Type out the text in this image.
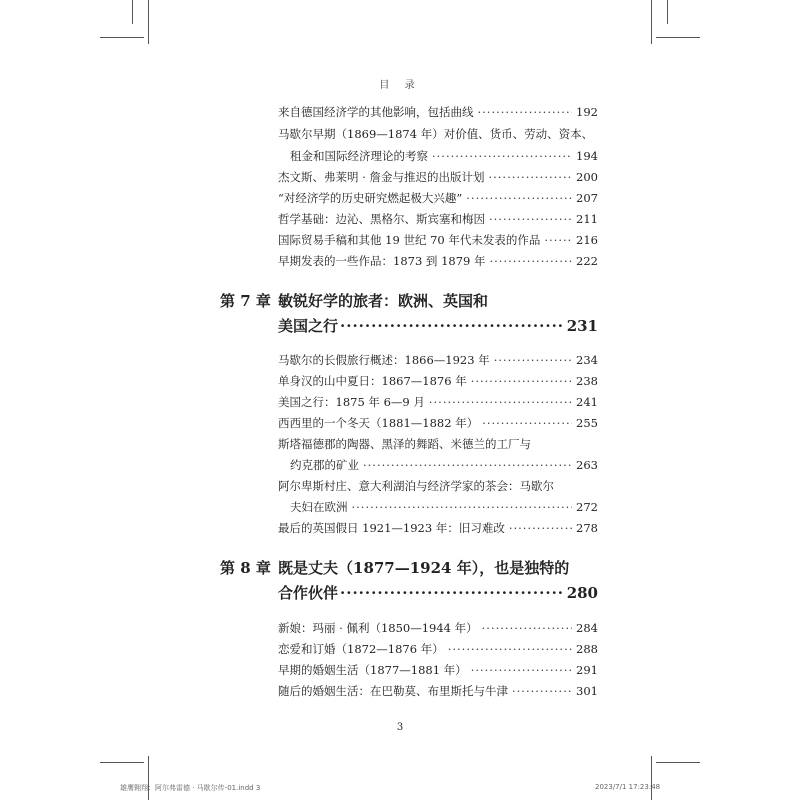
目 录
来自德国经济学的其他影响，包括曲线 ·····	192
马歇尔早期（1869—1874 年）对价值、货币、劳动、资本、
租金和国际经济理论的考察 ·····	194
杰文斯、弗莱明 · 詹金与推迟的出版计划 ·····	200
“对经济学的历史研究燃起极大兴趣” ·····	207
哲学基础：边沁、黑格尔、斯宾塞和梅因 ·····	211
国际贸易手稿和其他 19 世纪 70 年代未发表的作品 ·····	216
早期发表的一些作品：1873 到 1879 年 ·····	222
第 7 章 敏锐好学的旅者：欧洲、英国和
美国之行 ·····	231
马歇尔的长假旅行概述：1866—1923 年 ·····	234
单身汉的山中夏日：1867—1876 年 ·····	238
美国之行：1875 年 6—9 月 ·····	241
西西里的一个冬天（1881—1882 年） ·····	255
斯塔福德郡的陶器、黑泽的舞蹈、米德兰的工厂与
约克郡的矿业 ·····	263
阿尔卑斯村庄、意大利湖泊与经济学家的茶会：马歇尔
夫妇在欧洲 ·····	272
最后的英国假日 1921—1923 年：旧习难改 ·····	278
第 8 章 既是丈夫（1877—1924 年），也是独特的
合作伙伴 ·····	280
新娘：玛丽 · 佩利（1850—1944 年） ·····	284
恋爱和订婚（1872—1876 年） ·····	288
早期的婚姻生活（1877—1881 年） ·····	291
随后的婚姻生活：在巴勒莫、布里斯托与牛津 ·····	301
3
雄鹰翱翔：阿尔弗雷德 · 马歇尔传-01.indd 3	2023/7/1 17:23:48
